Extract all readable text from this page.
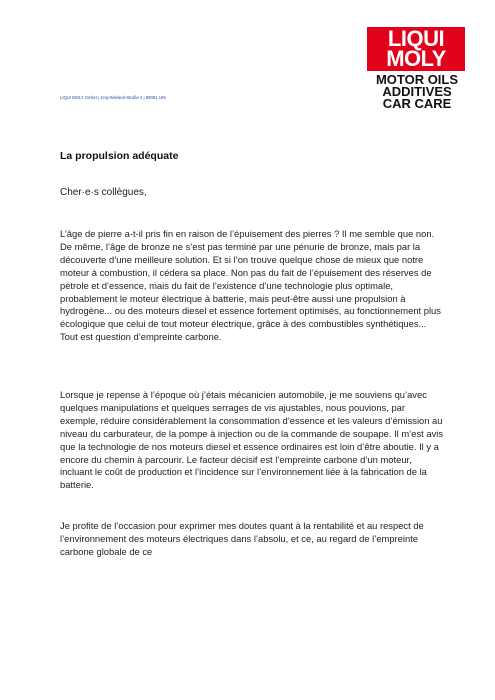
LIQUI
MOLY
MOTOR OILS
ADDITIVES
CAR CARE
LIQUI MOLY GmbH | Jerg-Wieland-Straße 4 | 89081 Ulm
La propulsion adéquate
Cher·e·s collègues,

L’âge de pierre a-t-il pris fin en raison de l’épuisement des pierres ? Il me semble que non. De même, l’âge de bronze ne s’est pas terminé par une pénurie de bronze, mais par la découverte d’une meilleure solution. Et si l’on trouve quelque chose de mieux que notre moteur à combustion, il cédera sa place. Non pas du fait de l’épuisement des réserves de pétrole et d’essence, mais du fait de l’existence d’une technologie plus optimale, probablement le moteur électrique à batterie, mais peut-être aussi une propulsion à hydrogène... ou des moteurs diesel et essence fortement optimisés, au fonctionnement plus écologique que celui de tout moteur électrique, grâce à des combustibles synthétiques... Tout est question d’empreinte carbone.

Lorsque je repense à l’époque où j’étais mécanicien automobile, je me souviens qu’avec quelques manipulations et quelques serrages de vis ajustables, nous pouvions, par exemple, réduire considérablement la consommation d’essence et les valeurs d’émission au niveau du carburateur, de la pompe à injection ou de la commande de soupape. Il m’est avis que la technologie de nos moteurs diesel et essence ordinaires est loin d’être aboutie. Il y a encore du chemin à parcourir. Le facteur décisif est l’empreinte carbone d’un moteur, incluant le coût de production et l’incidence sur l’environnement liée à la fabrication de la batterie.

Je profite de l’occasion pour exprimer mes doutes quant à la rentabilité et au respect de l’environnement des moteurs électriques dans l’absolu, et ce, au regard de l’empreinte carbone globale de ce
